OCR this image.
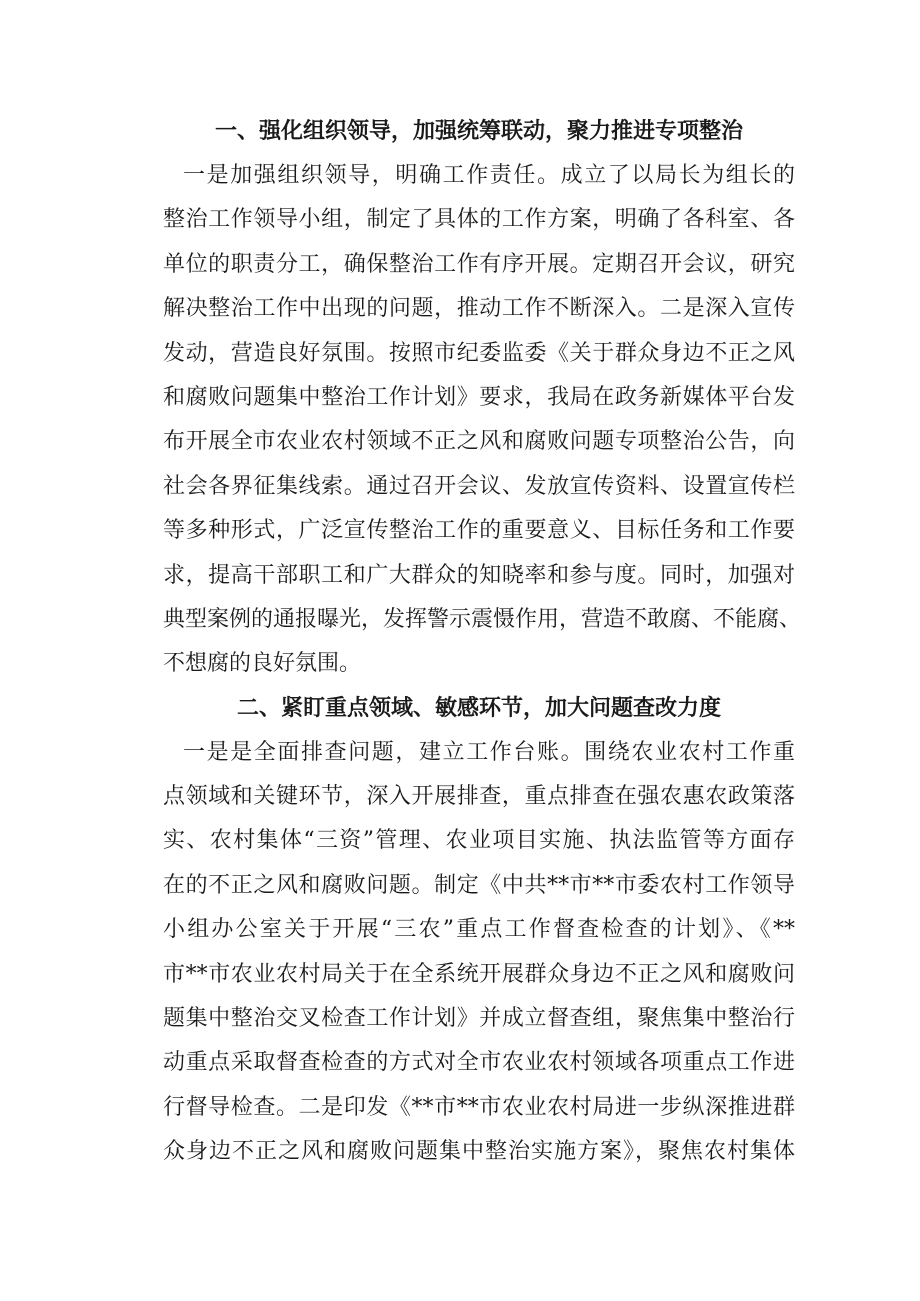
一、强化组织领导，加强统筹联动，聚力推进专项整治
一是加强组织领导，明确工作责任。成立了以局长为组长的
整治工作领导小组，制定了具体的工作方案，明确了各科室、各
单位的职责分工，确保整治工作有序开展。定期召开会议，研究
解决整治工作中出现的问题，推动工作不断深入。二是深入宣传
发动，营造良好氛围。按照市纪委监委《关于群众身边不正之风
和腐败问题集中整治工作计划》要求，我局在政务新媒体平台发
布开展全市农业农村领域不正之风和腐败问题专项整治公告，向
社会各界征集线索。通过召开会议、发放宣传资料、设置宣传栏
等多种形式，广泛宣传整治工作的重要意义、目标任务和工作要
求，提高干部职工和广大群众的知晓率和参与度。同时，加强对
典型案例的通报曝光，发挥警示震慑作用，营造不敢腐、不能腐、
不想腐的良好氛围。
二、紧盯重点领域、敏感环节，加大问题查改力度
一是是全面排查问题，建立工作台账。围绕农业农村工作重
点领域和关键环节，深入开展排查，重点排查在强农惠农政策落
实、农村集体“三资”管理、农业项目实施、执法监管等方面存
在的不正之风和腐败问题。制定《中共**市**市委农村工作领导
小组办公室关于开展“三农”重点工作督查检查的计划》、《**
市**市农业农村局关于在全系统开展群众身边不正之风和腐败问
题集中整治交叉检查工作计划》并成立督查组，聚焦集中整治行
动重点采取督查检查的方式对全市农业农村领域各项重点工作进
行督导检查。二是印发《**市**市农业农村局进一步纵深推进群
众身边不正之风和腐败问题集中整治实施方案》，聚焦农村集体
